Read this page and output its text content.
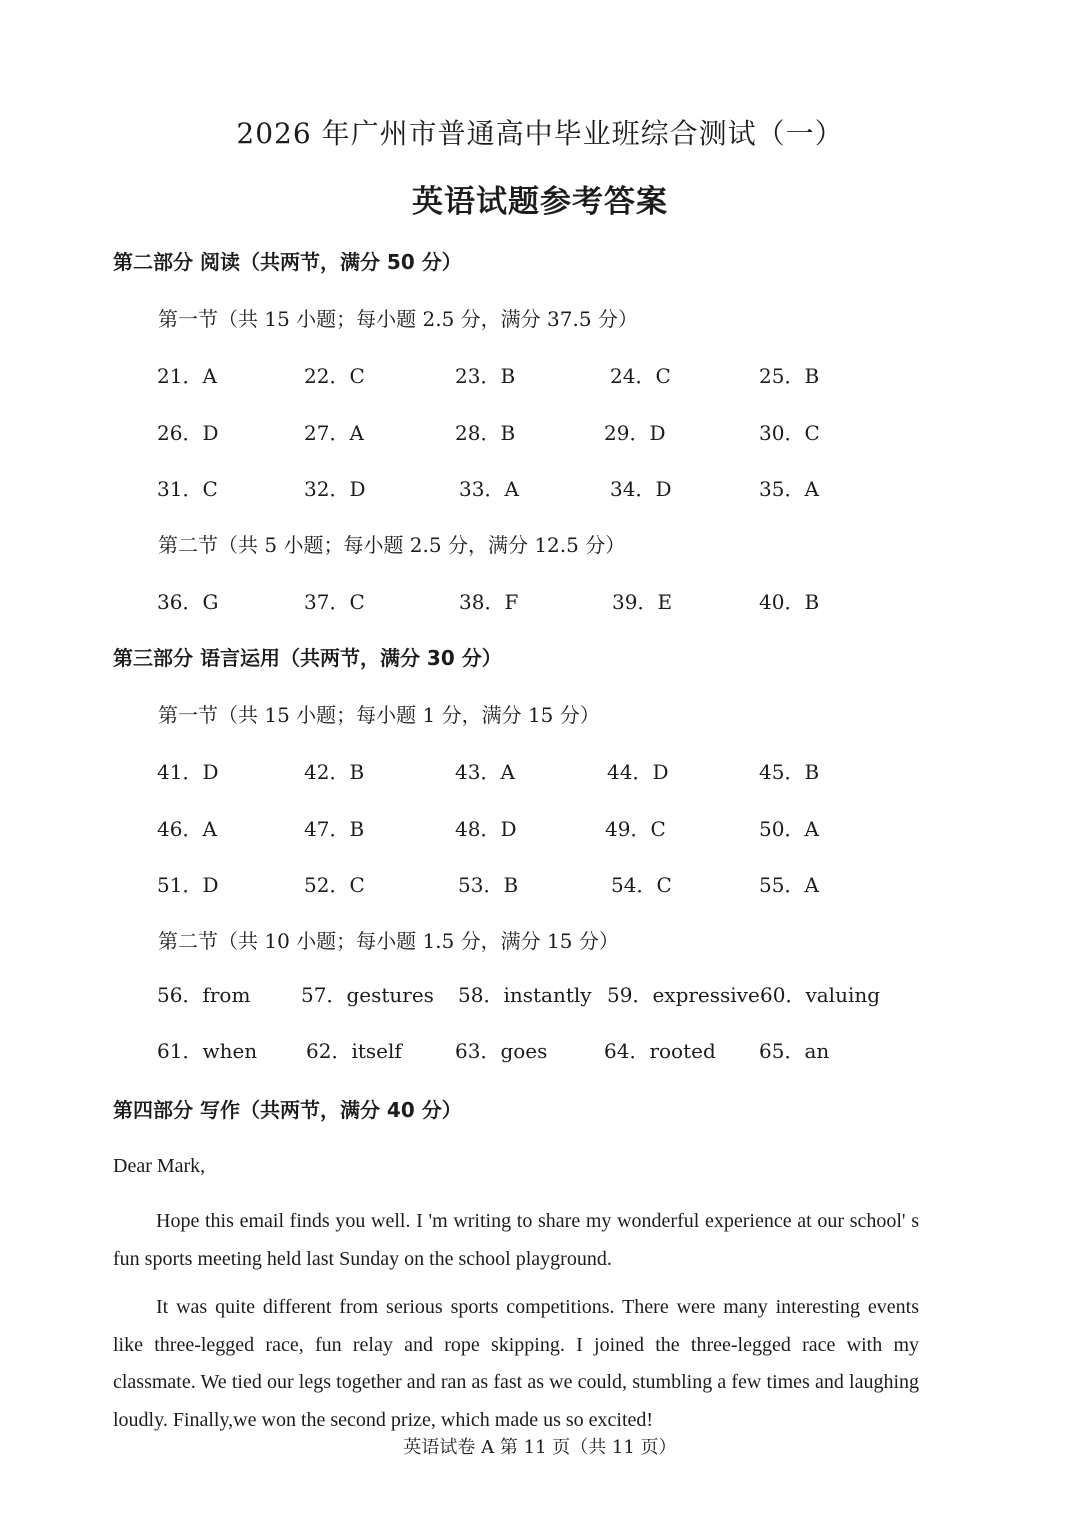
2026 年广州市普通高中毕业班综合测试（一）
英语试题参考答案
第二部分 阅读（共两节，满分 50 分）
第一节（共 15 小题；每小题 2.5 分，满分 37.5 分）
21．A	22．C	23．B	24．C	25．B
26．D	27．A	28．B	29．D	30．C
31．C	32．D	33．A	34．D	35．A
第二节（共 5 小题；每小题 2.5 分，满分 12.5 分）
36．G	37．C	38．F	39．E	40．B
第三部分 语言运用（共两节，满分 30 分）
第一节（共 15 小题；每小题 1 分，满分 15 分）
41．D	42．B	43．A	44．D	45．B
46．A	47．B	48．D	49．C	50．A
51．D	52．C	53．B	54．C	55．A
第二节（共 10 小题；每小题 1.5 分，满分 15 分）
56．from	57．gestures 58．instantly 59．expressive 60．valuing
61．when 62．itself	63．goes	64．rooted 65．an
第四部分 写作（共两节，满分 40 分）
Dear Mark,

Hope this email finds you well. I 'm writing to share my wonderful experience at our school' s fun sports meeting held last Sunday on the school playground.

It was quite different from serious sports competitions. There were many interesting events like three-legged race, fun relay and rope skipping. I joined the three-legged race with my classmate. We tied our legs together and ran as fast as we could, stumbling a few times and laughing loudly. Finally,we won the second prize, which made us so excited!

英语试卷 A 第 11 页（共 11 页）
